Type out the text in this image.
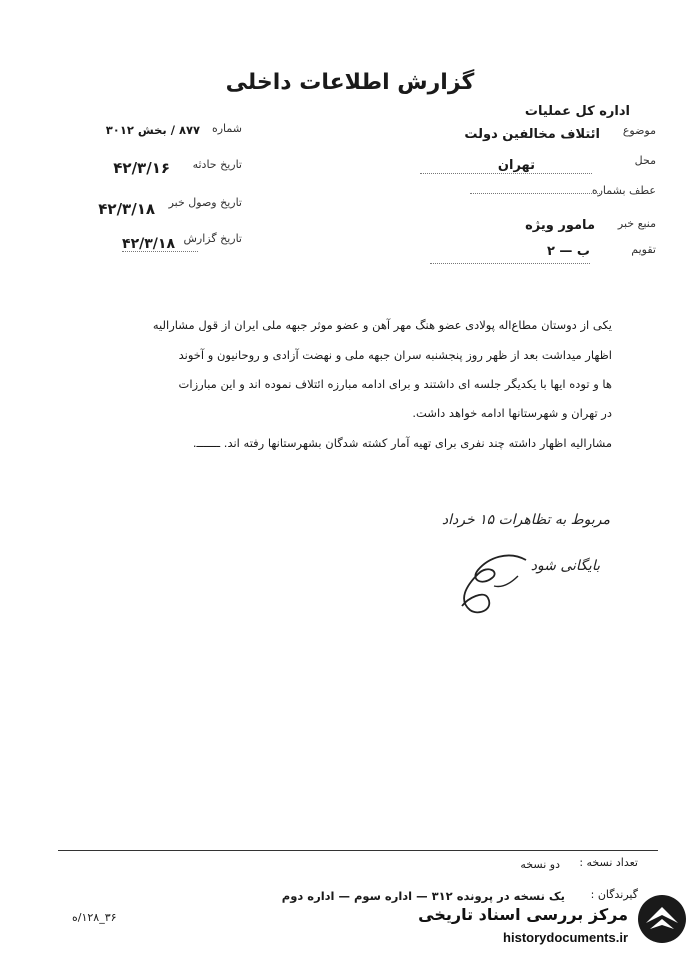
گزارش اطلاعات داخلی
اداره کل عملیات
شماره
۸۷۷ / بخش ۳۰۱۲
تاریخ حادثه
۴۲/۳/۱۶
تاریخ وصول خبر
۴۲/۳/۱۸
تاریخ گزارش
۴۲/۳/۱۸
موضوع
ائتلاف مخالفین دولت
محل
تهران
عطف بشماره
منبع خبر
مامور ویژه
تقویم
ب — ۲
یکی از دوستان مطاع‌اله پولادی عضو هنگ مهر آهن و عضو موثر جبهه ملی ایران از قول مشارالیه
اظهار میداشت بعد از ظهر روز پنجشنبه سران جبهه ملی و نهضت آزادی و روحانیون و آخوند
ها و توده ایها با یکدیگر جلسه ای داشتند و برای ادامه مبارزه ائتلاف نموده اند و این مبارزات
در تهران و شهرستانها ادامه خواهد داشت.
مشارالیه اظهار داشته چند نفری برای تهیه آمار کشته شدگان بشهرستانها رفته اند. ـــــــ.
مربوط به تظاهرات ۱۵ خرداد
بایگانی شود
تعداد نسخه :
دو نسخه
گیرندگان :
یک نسخه در پرونده ۳۱۲ — اداره سوم — اداره دوم
۳۶_۱۲۸/ه	مرکز بررسی اسناد تاریخی
historydocuments.ir
